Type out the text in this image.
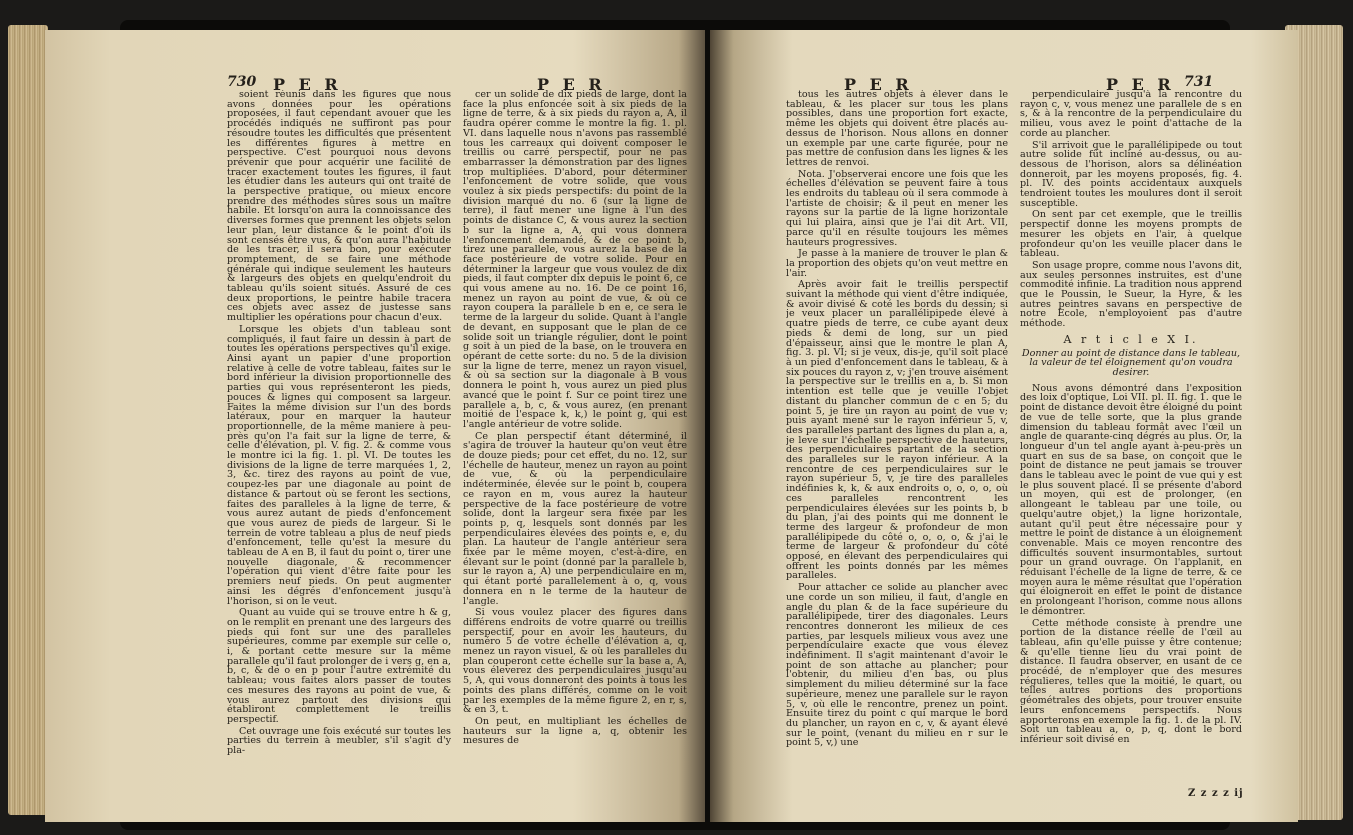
730 P E R	P E R

soient réunis dans les figures que nous avons données pour les opérations proposées, il faut cependant avouer que les procédés indiqués ne suffiront pas pour résoudre toutes les difficultés que présentent les différentes figures à mettre en perspective. C'est pourquoi nous devons prévenir que pour acquérir une facilité de tracer exactement toutes les figures, il faut les étudier dans les auteurs qui ont traité de la perspective pratique, ou mieux encore prendre des méthodes sûres sous un maître habile. Et lorsqu'on aura la connoissance des diverses formes que prennent les objets selon leur plan, leur distance & le point d'où ils sont censés être vus, & qu'on aura l'habitude de les tracer, il sera bon, pour exécuter promptement, de se faire une méthode générale qui indique seulement les hauteurs & largeurs des objets en quelqu'endroit du tableau qu'ils soient situés. Assuré de ces deux proportions, le peintre habile tracera ces objets avec assez de justesse sans multiplier les opérations pour chacun d'eux.

Lorsque les objets d'un tableau sont compliqués, il faut faire un dessin à part de toutes les opérations perspectives qu'il exige. Ainsi ayant un papier d'une proportion relative à celle de votre tableau, faites sur le bord inférieur la division proportionnelle des parties qui vous représenteront les pieds, pouces & lignes qui composent sa largeur. Faites la même division sur l'un des bords latéraux, pour en marquer la hauteur proportionnelle, de la même maniere à peu-près qu'on l'a fait sur la ligne de terre, & celle d'élévation, pl. V. fig. 2. & comme vous le montre ici la fig. 1. pl. VI. De toutes les divisions de la ligne de terre marquées 1, 2, 3, &c. tirez des rayons au point de vue, coupez-les par une diagonale au point de distance & partout où se feront les sections, faites des paralleles à la ligne de terre, & vous aurez autant de pieds d'enfoncement que vous aurez de pieds de largeur. Si le terrein de votre tableau a plus de neuf pieds d'enfoncement, telle qu'est la mesure du tableau de A en B, il faut du point o, tirer une nouvelle diagonale, & recommencer l'opération qui vient d'être faite pour les premiers neuf pieds. On peut augmenter ainsi les dégrés d'enfoncement jusqu'à l'horison, si on le veut.

Quant au vuide qui se trouve entre h & g, on le remplit en prenant une des largeurs des pieds qui font sur une des paralleles supérieures, comme par exemple sur celle o, i, & portant cette mesure sur la même parallele qu'il faut prolonger de i vers g, en a, b, c, & de o en p pour l'autre extrémité du tableau; vous faites alors passer de toutes ces mesures des rayons au point de vue, & vous aurez partout des divisions qui établiront complettement le treillis perspectif.

Cet ouvrage une fois exécuté sur toutes les parties du terrein à meubler, s'il s'agit d'y pla-

cer un solide de dix pieds de large, dont la face la plus enfoncée soit à six pieds de la ligne de terre, & à six pieds du rayon a, A, il faudra opérer comme le montre la fig. 1. pl. VI. dans laquelle nous n'avons pas rassemblé tous les carreaux qui doivent composer le treillis ou carré perspectif, pour ne pas embarrasser la démonstration par des lignes trop multipliées. D'abord, pour déterminer l'enfoncement de votre solide, que vous voulez à six pieds perspectifs: du point de la division marqué du no. 6 (sur la ligne de terre), il faut mener une ligne à l'un des points de distance C, & vous aurez la section b sur la ligne a, A, qui vous donnera l'enfoncement demandé, & de ce point b, tirez une parallele, vous aurez la base de la face postérieure de votre solide. Pour en déterminer la largeur que vous voulez de dix pieds, il faut compter dix depuis le point 6, ce qui vous amene au no. 16. De ce point 16, menez un rayon au point de vue, & où ce rayon coupera la parallele b en e, ce sera le terme de la largeur du solide. Quant à l'angle de devant, en supposant que le plan de ce solide soit un triangle régulier, dont le point g soit à un pied de la base, on le trouvera en opérant de cette sorte: du no. 5 de la division sur la ligne de terre, menez un rayon visuel, & où sa section sur la diagonale à B vous donnera le point h, vous aurez un pied plus avancé que le point f. Sur ce point tirez une parallele a, b, c, & vous aurez, (en prenant moitié de l'espace k, k,) le point g, qui est l'angle antérieur de votre solide.

Ce plan perspectif étant déterminé, il s'agira de trouver la hauteur qu'on veut être de douze pieds; pour cet effet, du no. 12, sur l'échelle de hauteur, menez un rayon au point de vue, & où la perpendiculaire indéterminée, élevée sur le point b, coupera ce rayon en m, vous aurez la hauteur perspective de la face postérieure de votre solide, dont la largeur sera fixée par les points p, q, lesquels sont donnés par les perpendiculaires élevées des points e, e, du plan. La hauteur de l'angle antérieur sera fixée par le même moyen, c'est-à-dire, en élevant sur le point (donné par la parallele b, sur le rayon a, A) une perpendiculaire en m, qui étant porté parallelement à o, q, vous donnera en n le terme de la hauteur de l'angle.

Si vous voulez placer des figures dans différens endroits de votre quarré ou treillis perspectif, pour en avoir les hauteurs, du numéro 5 de votre échelle d'élévation a, q, menez un rayon visuel, & où les paralleles du plan couperont cette échelle sur la base a, A, vous éleverez des perpendiculaires jusqu'au 5, A, qui vous donneront des points à tous les points des plans différés, comme on le voit par les exemples de la même figure 2, en r, s, & en 3, t.

On peut, en multipliant les échelles de hauteurs sur la ligne a, q, obtenir les mesures de

P E R	P E R 731

tous les autres objets à élever dans le tableau, & les placer sur tous les plans possibles, dans une proportion fort exacte, même les objets qui doivent être placés au-dessus de l'horison. Nous allons en donner un exemple par une carte figurée, pour ne pas mettre de confusion dans les lignes & les lettres de renvoi.

Nota. J'observerai encore une fois que les échelles d'élévation se peuvent faire à tous les endroits du tableau où il sera commode à l'artiste de choisir; & il peut en mener les rayons sur la partie de la ligne horizontale qui lui plaira, ainsi que je l'ai dit Art. VII, parce qu'il en résulte toujours les mêmes hauteurs progressives.

Je passe à la maniere de trouver le plan & la proportion des objets qu'on veut mettre en l'air.

Après avoir fait le treillis perspectif suivant la méthode qui vient d'être indiquée, & avoir divisé & coté les bords du dessin; si je veux placer un parallélipipede élevé à quatre pieds de terre, ce cube ayant deux pieds & demi de long, sur un pied d'épaisseur, ainsi que le montre le plan A, fig. 3. pl. VI; si je veux, dis-je, qu'il soit placé à un pied d'enfoncement dans le tableau, & à six pouces du rayon z, v; j'en trouve aisément la perspective sur le treillis en a, b. Si mon intention est telle que je veuille l'objet distant du plancher commun de c en 5; du point 5, je tire un rayon au point de vue v; puis ayant mené sur le rayon inférieur 5, v, des paralleles partant des lignes du plan a, a, je leve sur l'échelle perspective de hauteurs, des perpendiculaires partant de la section des paralleles sur le rayon inférieur. A la rencontre de ces perpendiculaires sur le rayon supérieur 5, v, je tire des paralleles indéfinies k, k, & aux endroits o, o, o, o, où ces paralleles rencontrent les perpendiculaires élevées sur les points b, b du plan, j'ai des points qui me donnent le terme des largeur & profondeur de mon parallélipipede du côté o, o, o, o, & j'ai le terme de largeur & profondeur du côté opposé, en élevant des perpendiculaires qui offrent les points donnés par les mêmes paralleles.

Pour attacher ce solide au plancher avec une corde un son milieu, il faut, d'angle en angle du plan & de la face supérieure du parallélipipede, tirer des diagonales. Leurs rencontres donneront les milieux de ces parties, par lesquels milieux vous avez une perpendiculaire exacte que vous élevez indéfiniment. Il s'agit maintenant d'avoir le point de son attache au plancher; pour l'obtenir, du milieu d'en bas, ou plus simplement du milieu déterminé sur la face supérieure, menez une parallele sur le rayon 5, v, où elle le rencontre, prenez un point. Ensuite tirez du point c qui marque le bord du plancher, un rayon en c, v, & ayant élevé sur le point, (venant du milieu en r sur le point 5, v,) une

perpendiculaire jusqu'à la rencontre du rayon c, v, vous menez une parallele de s en s, & à la rencontre de la perpendiculaire du milieu, vous avez le point d'attache de la corde au plancher.

S'il arrivoit que le parallélipipede ou tout autre solide fût incliné au-dessus, ou au-dessous de l'horison, alors sa délinéation donneroit, par les moyens proposés, fig. 4. pl. IV. des points accidentaux auxquels tendroient toutes les moulures dont il seroit susceptible.

On sent par cet exemple, que le treillis perspectif donne les moyens prompts de mesurer les objets en l'air, à quelque profondeur qu'on les veuille placer dans le tableau.

Son usage propre, comme nous l'avons dit, aux seules personnes instruites, est d'une commodité infinie. La tradition nous apprend que le Poussin, le Sueur, la Hyre, & les autres peintres savans en perspective de notre Ecole, n'employoient pas d'autre méthode.

A r t i c l e X I.
Donner au point de distance dans le tableau, la valeur de tel éloignement qu'on voudra desirer.

Nous avons démontré dans l'exposition des loix d'optique, Loi VII. pl. II. fig. 1. que le point de distance devoit être éloigné du point de vue de telle sorte, que la plus grande dimension du tableau formât avec l'œil un angle de quarante-cinq dégrés au plus. Or, la longueur d'un tel angle ayant à-peu-près un quart en sus de sa base, on conçoit que le point de distance ne peut jamais se trouver dans le tableau avec le point de vue qui y est le plus souvent placé. Il se présente d'abord un moyen, qui est de prolonger, (en allongeant le tableau par une toile, ou quelqu'autre objet,) la ligne horizontale, autant qu'il peut être nécessaire pour y mettre le point de distance à un éloignement convenable. Mais ce moyen rencontre des difficultés souvent insurmontables, surtout pour un grand ouvrage. On l'applanit, en réduisant l'échelle de la ligne de terre, & ce moyen aura le même résultat que l'opération qui éloigneroit en effet le point de distance en prolongeant l'horison, comme nous allons le démontrer.

Cette méthode consiste à prendre une portion de la distance réelle de l'œil au tableau, afin qu'elle puisse y être contenue; & qu'elle tienne lieu du vrai point de distance. Il faudra observer, en usant de ce procédé, de n'employer que des mesures régulieres, telles que la moitié, le quart, ou telles autres portions des proportions géométrales des objets, pour trouver ensuite leurs enfoncemens perspectifs. Nous apporterons en exemple la fig. 1. de la pl. IV. Soit un tableau a, o, p, q, dont le bord inférieur soit divisé en

Z z z z ij
